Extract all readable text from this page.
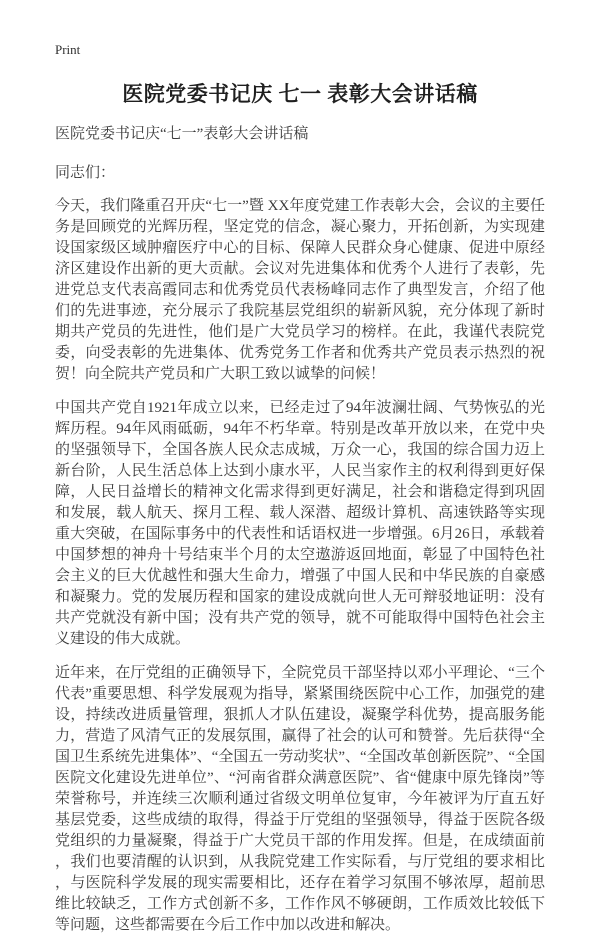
Print
医院党委书记庆 七一 表彰大会讲话稿
医院党委书记庆“七一”表彰大会讲话稿
同志们：

今天，我们隆重召开庆“七一”暨 XX年度党建工作表彰大会，会议的主要任务是回顾党的光辉历程，坚定党的信念，凝心聚力，开拓创新，为实现建设国家级区域肿瘤医疗中心的目标、保障人民群众身心健康、促进中原经济区建设作出新的更大贡献。会议对先进集体和优秀个人进行了表彰，先进党总支代表高霞同志和优秀党员代表杨峰同志作了典型发言，介绍了他们的先进事迹，充分展示了我院基层党组织的崭新风貌，充分体现了新时期共产党员的先进性，他们是广大党员学习的榜样。在此，我谨代表院党委，向受表彰的先进集体、优秀党务工作者和优秀共产党员表示热烈的祝贺！向全院共产党员和广大职工致以诚挚的问候！

中国共产党自1921年成立以来，已经走过了94年波澜壮阔、气势恢弘的光辉历程。94年风雨砥砺，94年不朽华章。特别是改革开放以来，在党中央的坚强领导下，全国各族人民众志成城，万众一心，我国的综合国力迈上新台阶，人民生活总体上达到小康水平，人民当家作主的权利得到更好保障，人民日益增长的精神文化需求得到更好满足，社会和谐稳定得到巩固和发展，载人航天、探月工程、载人深潜、超级计算机、高速铁路等实现重大突破，在国际事务中的代表性和话语权进一步增强。6月26日，承载着中国梦想的神舟十号结束半个月的太空遨游返回地面，彰显了中国特色社会主义的巨大优越性和强大生命力，增强了中国人民和中华民族的自豪感和凝聚力。党的发展历程和国家的建设成就向世人无可辩驳地证明：没有共产党就没有新中国；没有共产党的领导，就不可能取得中国特色社会主义建设的伟大成就。

近年来，在厅党组的正确领导下，全院党员干部坚持以邓小平理论、“三个代表”重要思想、科学发展观为指导，紧紧围绕医院中心工作，加强党的建设，持续改进质量管理，狠抓人才队伍建设，凝聚学科优势，提高服务能力，营造了风清气正的发展氛围，赢得了社会的认可和赞誉。先后获得“全国卫生系统先进集体”、“全国五一劳动奖状”、“全国改革创新医院”、“全国医院文化建设先进单位”、“河南省群众满意医院”、省“健康中原先锋岗”等荣誉称号，并连续三次顺利通过省级文明单位复审，今年被评为厅直五好基层党委，这些成绩的取得，得益于厅党组的坚强领导，得益于医院各级党组织的力量凝聚，得益于广大党员干部的作用发挥。但是，在成绩面前，我们也要清醒的认识到，从我院党建工作实际看，与厅党组的要求相比，与医院科学发展的现实需要相比，还存在着学习氛围不够浓厚，超前思维比较缺乏，工作方式创新不多，工作作风不够硬朗，工作质效比较低下等问题，这些都需要在今后工作中加以改进和解决。
